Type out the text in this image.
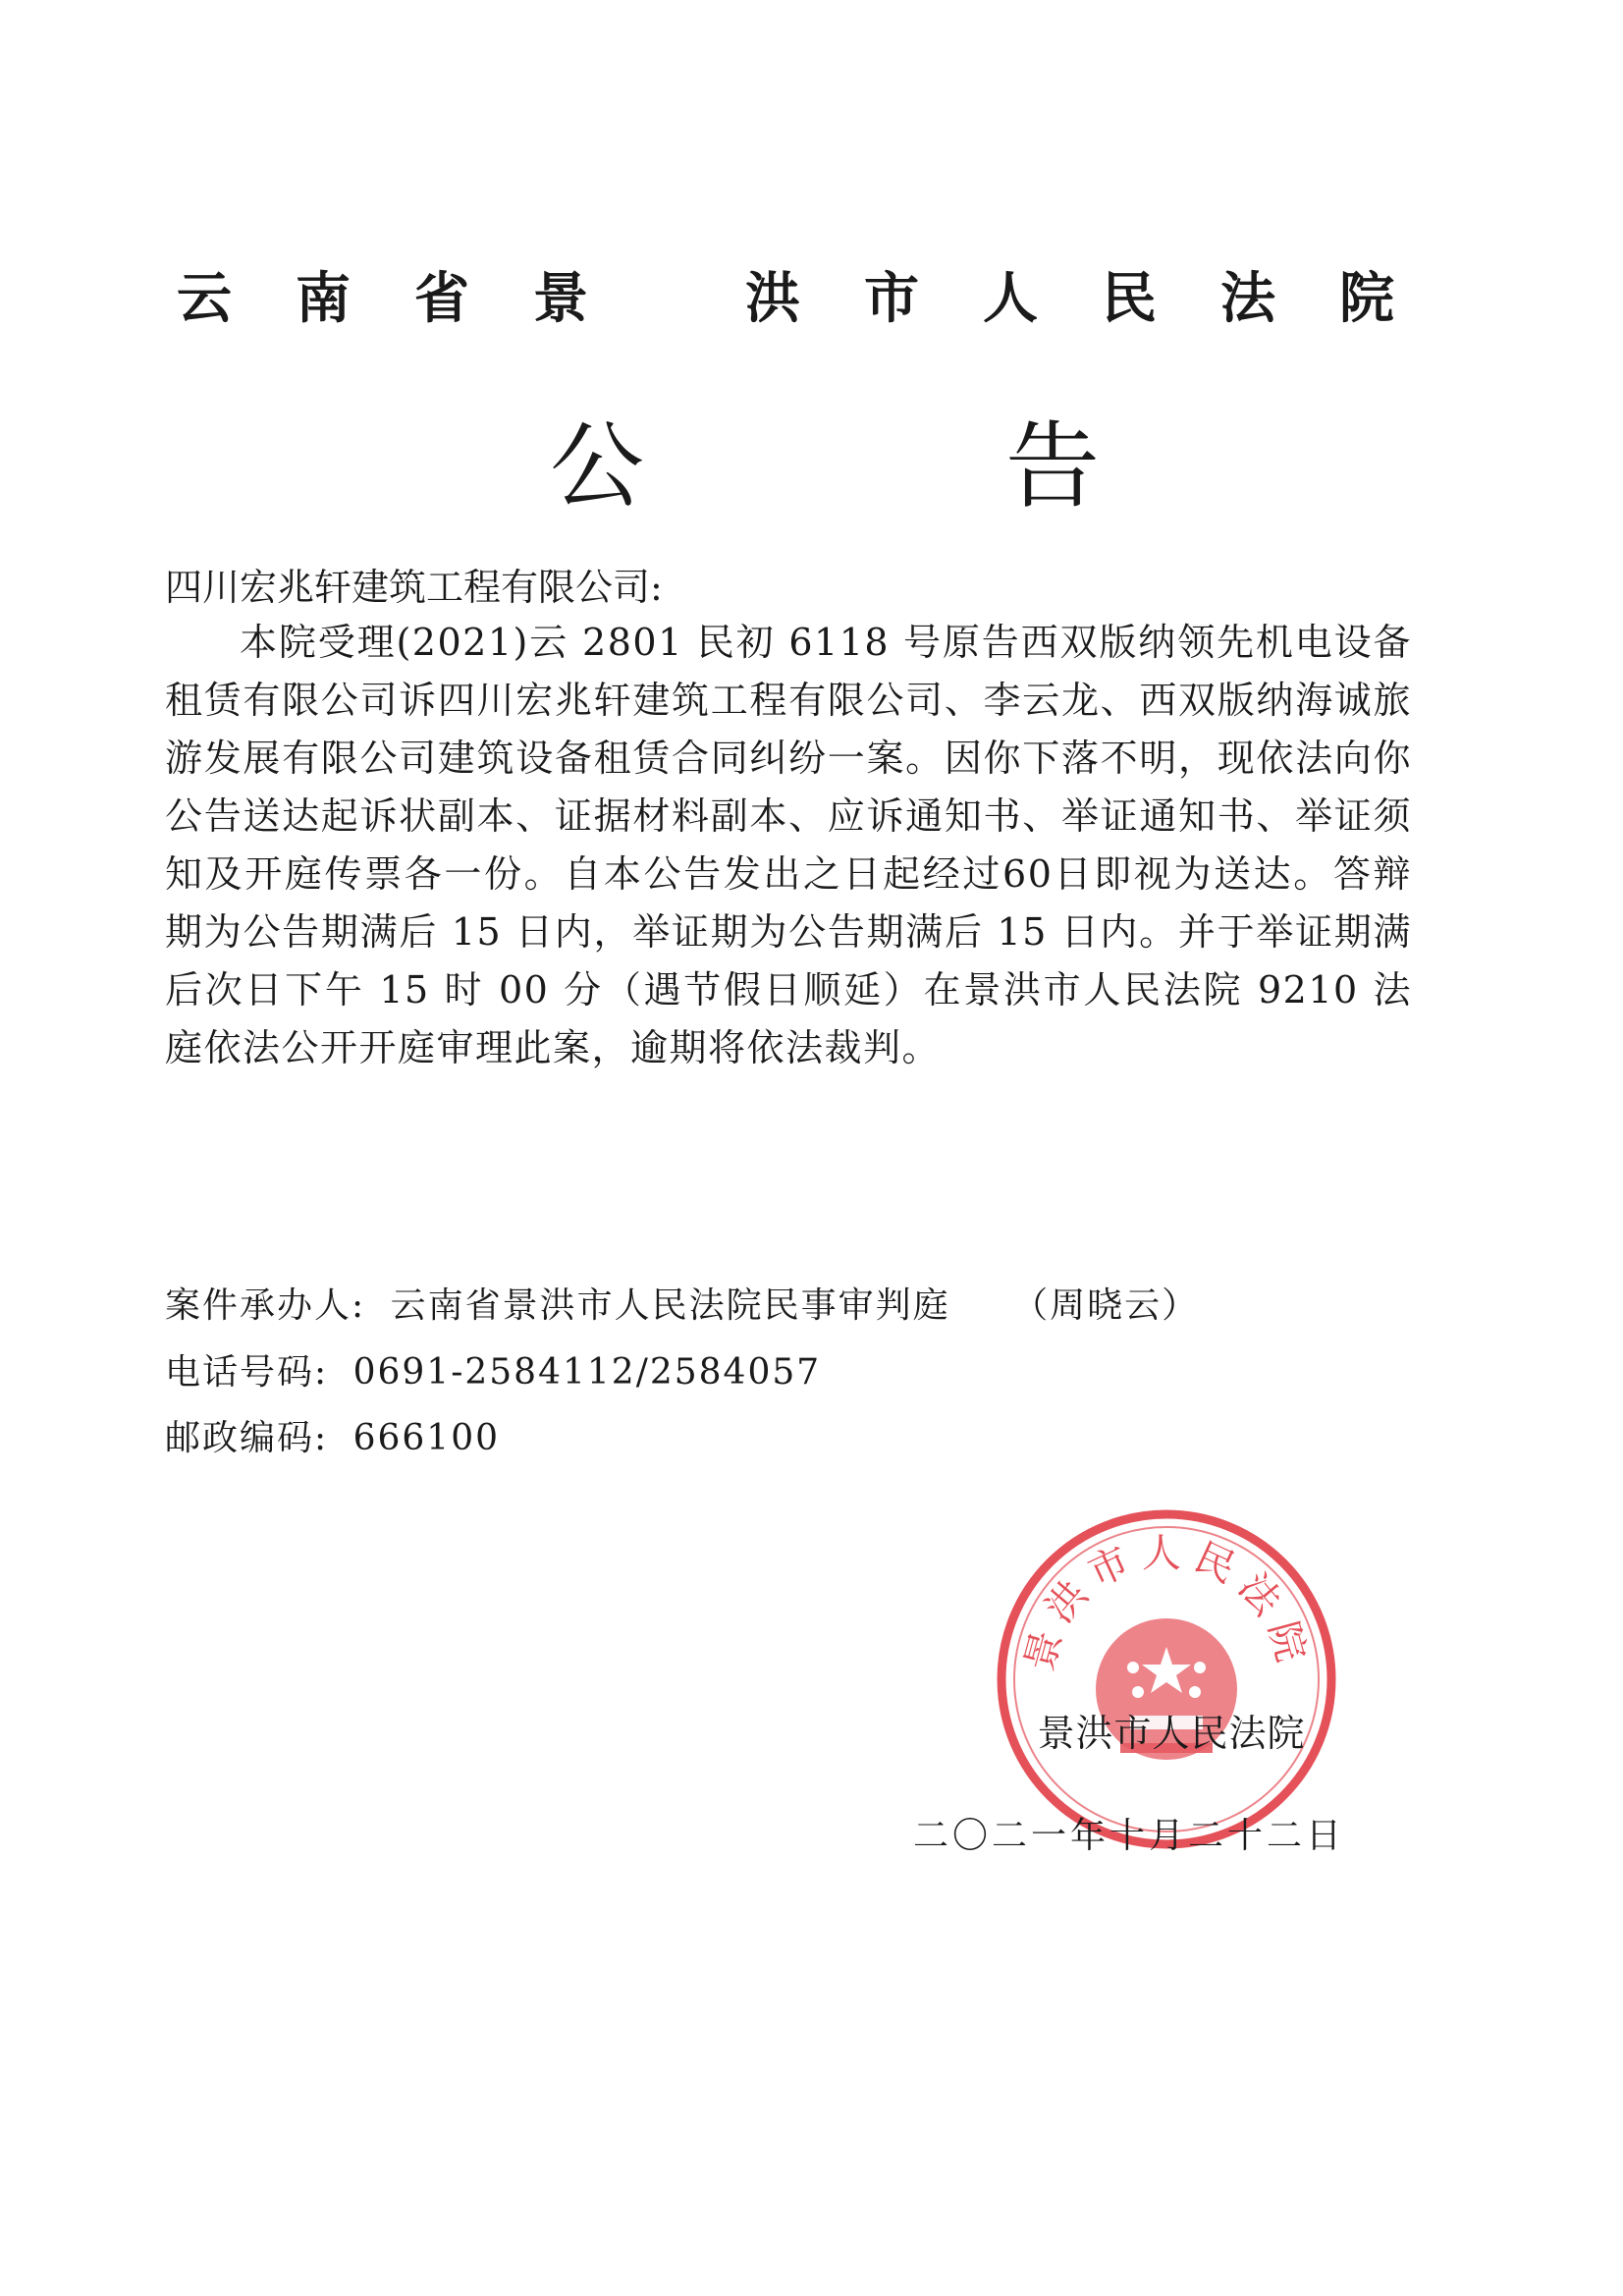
云 南 省 景	洪 市 人 民 法 院
公	告
四川宏兆轩建筑工程有限公司:
本院受理(2021)云 2801 民初 6118 号原告西双版纳领先机电设备租赁有限公司诉四川宏兆轩建筑工程有限公司、李云龙、西双版纳海诚旅游发展有限公司建筑设备租赁合同纠纷一案。因你下落不明，现依法向你公告送达起诉状副本、证据材料副本、应诉通知书、举证通知书、举证须知及开庭传票各一份。自本公告发出之日起经过60日即视为送达。答辩期为公告期满后 15 日内，举证期为公告期满后 15 日内。并于举证期满后次日下午 15 时 00 分（遇节假日顺延）在景洪市人民法院 9210 法庭依法公开开庭审理此案，逾期将依法裁判。
案件承办人: 云南省景洪市人民法院民事审判庭 （周晓云）
电话号码: 0691-2584112/2584057
邮政编码: 666100
景洪市人民法院
景洪市人民法院
二〇二一年十月二十二日
